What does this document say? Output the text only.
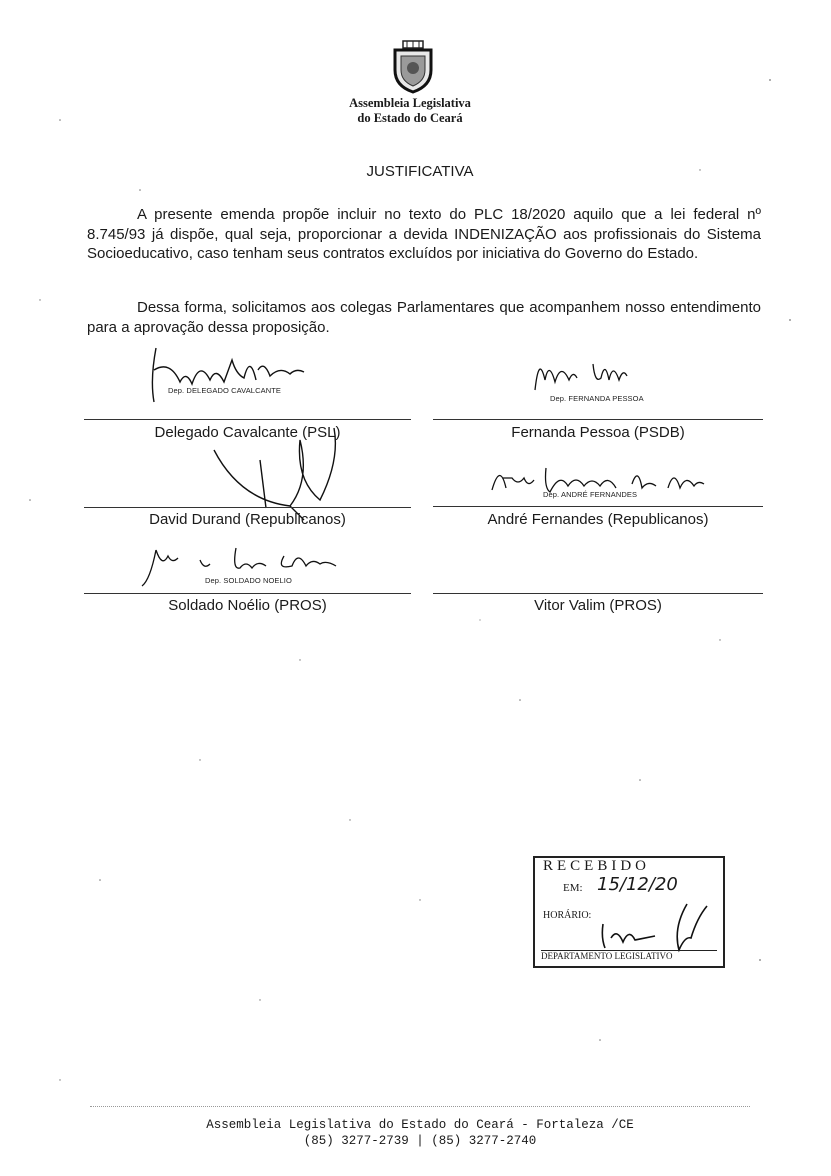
Assembleia Legislativa
do Estado do Ceará
JUSTIFICATIVA

A presente emenda propõe incluir no texto do PLC 18/2020 aquilo que a lei federal nº 8.745/93 já dispõe, qual seja, proporcionar a devida INDENIZAÇÃO aos profissionais do Sistema Socioeducativo, caso tenham seus contratos excluídos por iniciativa do Governo do Estado.

Dessa forma, solicitamos aos colegas Parlamentares que acompanhem nosso entendimento para a aprovação dessa proposição.

Dep. DELEGADO CAVALCANTE
Delegado Cavalcante (PSL)
Dep. FERNANDA PESSOA
Fernanda Pessoa (PSDB)
David Durand (Republicanos)
Dep. ANDRÉ FERNANDES
André Fernandes (Republicanos)
Dep. SOLDADO NOELIO
Soldado Noélio (PROS)	Vitor Valim (PROS)
RECEBIDO
EM: 15/12/20
HORÁRIO:
DEPARTAMENTO LEGISLATIVO
Assembleia Legislativa do Estado do Ceará - Fortaleza /CE
(85) 3277-2739 | (85) 3277-2740
